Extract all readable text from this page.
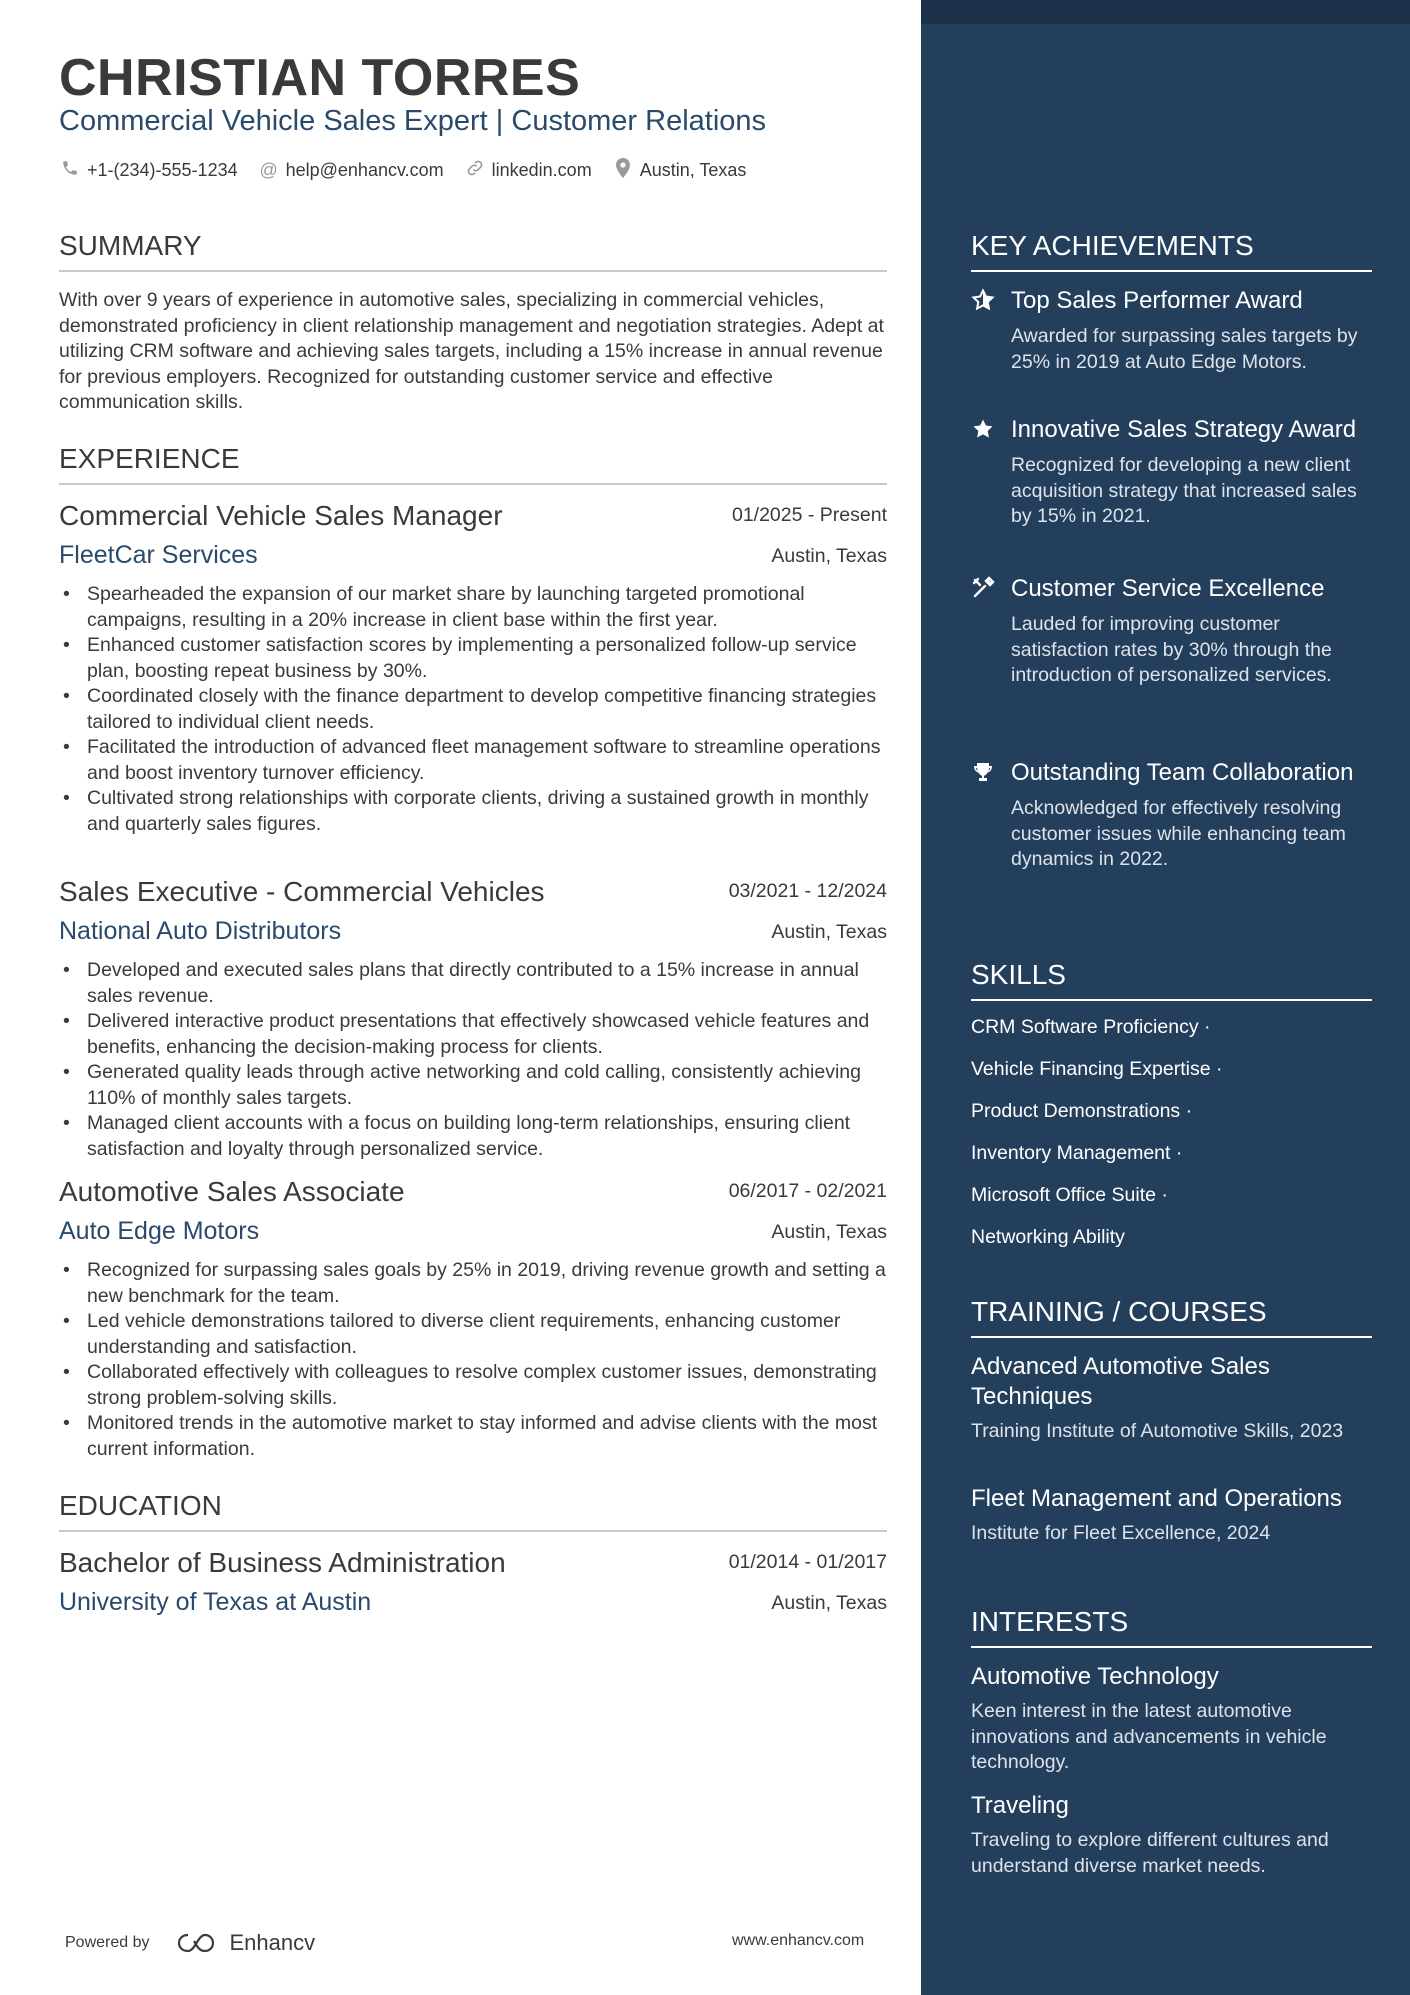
CHRISTIAN TORRES
Commercial Vehicle Sales Expert | Customer Relations
+1-(234)-555-1234 @ help@enhancv.com	linkedin.com	Austin, Texas
SUMMARY
With over 9 years of experience in automotive sales, specializing in commercial vehicles, demonstrated proficiency in client relationship management and negotiation strategies. Adept at utilizing CRM software and achieving sales targets, including a 15% increase in annual revenue for previous employers. Recognized for outstanding customer service and effective communication skills.
EXPERIENCE
Commercial Vehicle Sales Manager	01/2025 - Present
FleetCar Services	Austin, Texas
• Spearheaded the expansion of our market share by launching targeted promotional campaigns, resulting in a 20% increase in client base within the first year.
• Enhanced customer satisfaction scores by implementing a personalized follow-up service plan, boosting repeat business by 30%.
• Coordinated closely with the finance department to develop competitive financing strategies tailored to individual client needs.
• Facilitated the introduction of advanced fleet management software to streamline operations and boost inventory turnover efficiency.
• Cultivated strong relationships with corporate clients, driving a sustained growth in monthly and quarterly sales figures.
Sales Executive - Commercial Vehicles	03/2021 - 12/2024
National Auto Distributors	Austin, Texas
• Developed and executed sales plans that directly contributed to a 15% increase in annual sales revenue.
• Delivered interactive product presentations that effectively showcased vehicle features and benefits, enhancing the decision-making process for clients.
• Generated quality leads through active networking and cold calling, consistently achieving 110% of monthly sales targets.
• Managed client accounts with a focus on building long-term relationships, ensuring client satisfaction and loyalty through personalized service.
Automotive Sales Associate	06/2017 - 02/2021
Auto Edge Motors	Austin, Texas
• Recognized for surpassing sales goals by 25% in 2019, driving revenue growth and setting a new benchmark for the team.
• Led vehicle demonstrations tailored to diverse client requirements, enhancing customer understanding and satisfaction.
• Collaborated effectively with colleagues to resolve complex customer issues, demonstrating strong problem-solving skills.
• Monitored trends in the automotive market to stay informed and advise clients with the most current information.
EDUCATION
Bachelor of Business Administration	01/2014 - 01/2017
University of Texas at Austin	Austin, Texas
Powered by	Enhancv	www.enhancv.com
KEY ACHIEVEMENTS
Top Sales Performer Award
Awarded for surpassing sales targets by 25% in 2019 at Auto Edge Motors.
Innovative Sales Strategy Award
Recognized for developing a new client acquisition strategy that increased sales by 15% in 2021.
Customer Service Excellence
Lauded for improving customer satisfaction rates by 30% through the introduction of personalized services.
Outstanding Team Collaboration
Acknowledged for effectively resolving customer issues while enhancing team dynamics in 2022.
SKILLS
CRM Software Proficiency ·
Vehicle Financing Expertise ·
Product Demonstrations ·
Inventory Management ·
Microsoft Office Suite ·
Networking Ability
TRAINING / COURSES
Advanced Automotive Sales Techniques
Training Institute of Automotive Skills, 2023
Fleet Management and Operations
Institute for Fleet Excellence, 2024
INTERESTS
Automotive Technology
Keen interest in the latest automotive innovations and advancements in vehicle technology.
Traveling
Traveling to explore different cultures and understand diverse market needs.
